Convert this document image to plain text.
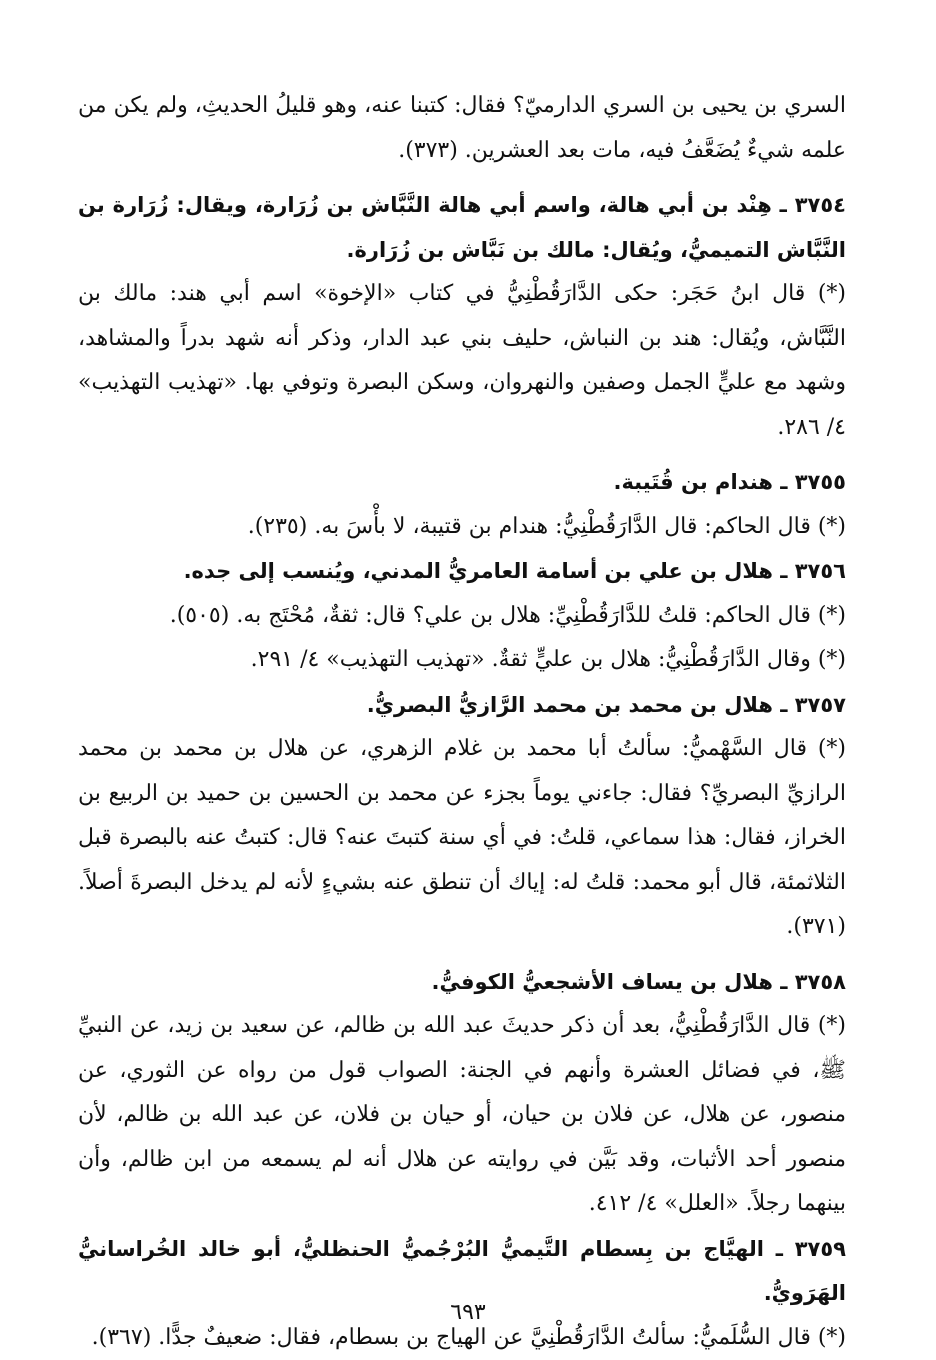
السري بن يحيى بن السري الدارميّ؟ فقال: كتبنا عنه، وهو قليلُ الحديثِ، ولم يكن من علمه شيءٌ يُضَعَّفُ فيه، مات بعد العشرين. (٣٧٣).

٣٧٥٤ ـ هِنْد بن أبي هالة، واسم أبي هالة النَّبَّاش بن زُرَارة، ويقال: زُرَارة بن النَّبَّاش التميميُّ، ويُقال: مالك بن نَبَّاش بن زُرَارة.

(*) قال ابنُ حَجَر: حكى الدَّارَقُطْنِيُّ في كتاب «الإخوة» اسم أبي هند: مالك بن النَّبَّاش، ويُقال: هند بن النباش، حليف بني عبد الدار، وذكر أنه شهد بدراً والمشاهد، وشهد مع عليٍّ الجمل وصفين والنهروان، وسكن البصرة وتوفي بها. «تهذيب التهذيب» ٤/ ٢٨٦.

٣٧٥٥ ـ هندام بن قُتَيبة.

(*) قال الحاكم: قال الدَّارَقُطْنِيُّ: هندام بن قتيبة، لا بأْسَ به. (٢٣٥).

٣٧٥٦ ـ هلال بن علي بن أسامة العامريُّ المدني، ويُنسب إلى جده.

(*) قال الحاكم: قلتُ للدَّارَقُطْنِيِّ: هلال بن علي؟ قال: ثقةٌ، مُحْتَج به. (٥٠٥).

(*) وقال الدَّارَقُطْنِيُّ: هلال بن عليٍّ ثقةٌ. «تهذيب التهذيب» ٤/ ٢٩١.

٣٧٥٧ ـ هلال بن محمد بن محمد الرَّازيُّ البصريُّ.

(*) قال السَّهْميُّ: سألتُ أبا محمد بن غلام الزهري، عن هلال بن محمد بن محمد الرازيِّ البصريِّ؟ فقال: جاءني يوماً بجزء عن محمد بن الحسين بن حميد بن الربيع بن الخراز، فقال: هذا سماعي، قلتُ: في أي سنة كتبتَ عنه؟ قال: كتبتُ عنه بالبصرة قبل الثلاثمئة، قال أبو محمد: قلتُ له: إياك أن تنطق عنه بشيءٍ لأنه لم يدخل البصرةَ أصلاً. (٣٧١).

٣٧٥٨ ـ هلال بن يساف الأشجعيُّ الكوفيُّ.

(*) قال الدَّارَقُطْنِيُّ، بعد أن ذكر حديثَ عبد الله بن ظالم، عن سعيد بن زيد، عن النبيِّ ﷺ، في فضائل العشرة وأنهم في الجنة: الصواب قول من رواه عن الثوري، عن منصور، عن هلال، عن فلان بن حيان، أو حيان بن فلان، عن عبد الله بن ظالم، لأن منصور أحد الأثبات، وقد بَيَّن في روايته عن هلال أنه لم يسمعه من ابن ظالم، وأن بينهما رجلاً. «العلل» ٤/ ٤١٢.

٣٧٥٩ ـ الهيَّاج بن بِسطام التَّيميُّ البُرْجُميُّ الحنظليُّ، أبو خالد الخُراسانيُّ الهَرَويُّ.

(*) قال السُّلَميُّ: سألتُ الدَّارَقُطْنِيَّ عن الهياج بن بسطام، فقال: ضعيفٌ جدًّا. (٣٦٧).

٦٩٣
